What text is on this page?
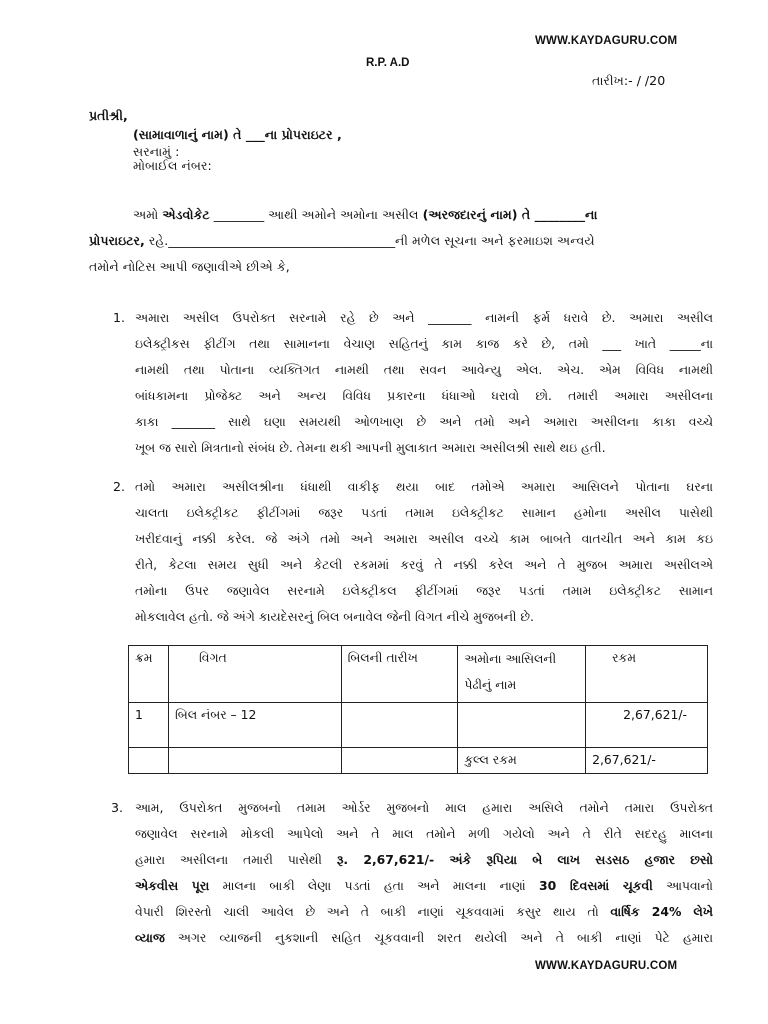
WWW.KAYDAGURU.COM
R.P. A.D
તારીખ:- / /20
પ્રતીશ્રી,
(સામાવાળાનું નામ) તે ___ના પ્રોપરાઇટર ,
સરનામું :
મોબાઈલ નંબર:
અમો એડવોકેટ ________ આથી અમોને અમોના અસીલ (અરજદારનું નામ) તે ________ના
પ્રોપરાઇટર, રહે.____________________________________ની મળેલ સૂચના અને ફરમાઇશ અન્વયે
તમોને નોટિસ આપી જણાવીએ છીએ કે,
1. અમારા અસીલ ઉપરોક્ત સરનામે રહે છે અને _______ નામની ફર્મ ધરાવે છે. અમારા અસીલ
ઇલેક્ટ્રીકસ ફીટીંગ તથા સામાનના વેચાણ સહિતનું કામ કાજ કરે છે, તમો ___ ખાતે _____ના
નામથી તથા પોતાના વ્યક્તિગત નામથી તથા સવન આવેન્યુ એલ. એચ. એમ વિવિધ નામથી
બાંધકામના પ્રોજેક્ટ અને અન્ય વિવિધ પ્રકારના ધંધાઓ ધરાવો છો. તમારી અમારા અસીલના
કાકા _______ સાથે ઘણા સમયથી ઓળખાણ છે અને તમો અને અમારા અસીલના કાકા વચ્ચે
ખૂબ જ સારો મિત્રતાનો સંબંધ છે. તેમના થકી આપની મુલાકાત અમારા અસીલશ્રી સાથે થઇ હતી.
2. તમો અમારા અસીલશ્રીના ધંધાથી વાકીફ થયા બાદ તમોએ અમારા આસિલને પોતાના ઘરના
ચાલતા ઇલેક્ટ્રીકટ ફીટીંગમાં જરૂર પડતાં તમામ ઇલેક્ટ્રીકટ સામાન હમોના અસીલ પાસેથી
ખરીદવાનું નક્કી કરેલ. જે અંગે તમો અને અમારા અસીલ વચ્ચે કામ બાબતે વાતચીત અને કામ કઇ
રીતે, કેટલા સમય સુધી અને કેટલી રકમમાં કરવું તે નક્કી કરેલ અને તે મુજબ અમારા અસીલએ
તમોના ઉપર જણાવેલ સરનામે ઇલેક્ટ્રીકલ ફીટીંગમાં જરૂર પડતાં તમામ ઇલેક્ટ્રીકટ સામાન
મોકલાવેલ હતો. જે અંગે કાયદેસરનું બિલ બનાવેલ જેની વિગત નીચે મુજબની છે.
ક્રમ	વિગત	બિલની તારીખ	અમોના આસિલની પેઢીનું નામ	રકમ
1	બિલ નંબર – 12			2,67,621/-
			કુલ્લ રકમ	2,67,621/-
3. આમ, ઉપરોક્ત મુજબનો તમામ ઓર્ડર મુજબનો માલ હમારા અસિલે તમોને તમારા ઉપરોક્ત
જણાવેલ સરનામે મોકલી આપેલો અને તે માલ તમોને મળી ગયેલો અને તે રીતે સદરહુ માલના
હમારા અસીલના તમારી પાસેથી રૂ. 2,67,621/- અંકે રૂપિયા બે લાખ સડસઠ હજાર છસો
એકવીસ પૂરા માલના બાકી લેણા પડતાં હતા અને માલના નાણાં 30 દિવસમાં ચૂકવી આપવાનો
વેપારી શિરસ્તો ચાલી આવેલ છે અને તે બાકી નાણાં ચૂકવવામાં કસુર થાય તો વાર્ષિક 24% લેખે
વ્યાજ અગર વ્યાજની નુકશાની સહિત ચૂકવવાની શરત થયેલી અને તે બાકી નાણાં પેટે હમારા
WWW.KAYDAGURU.COM
